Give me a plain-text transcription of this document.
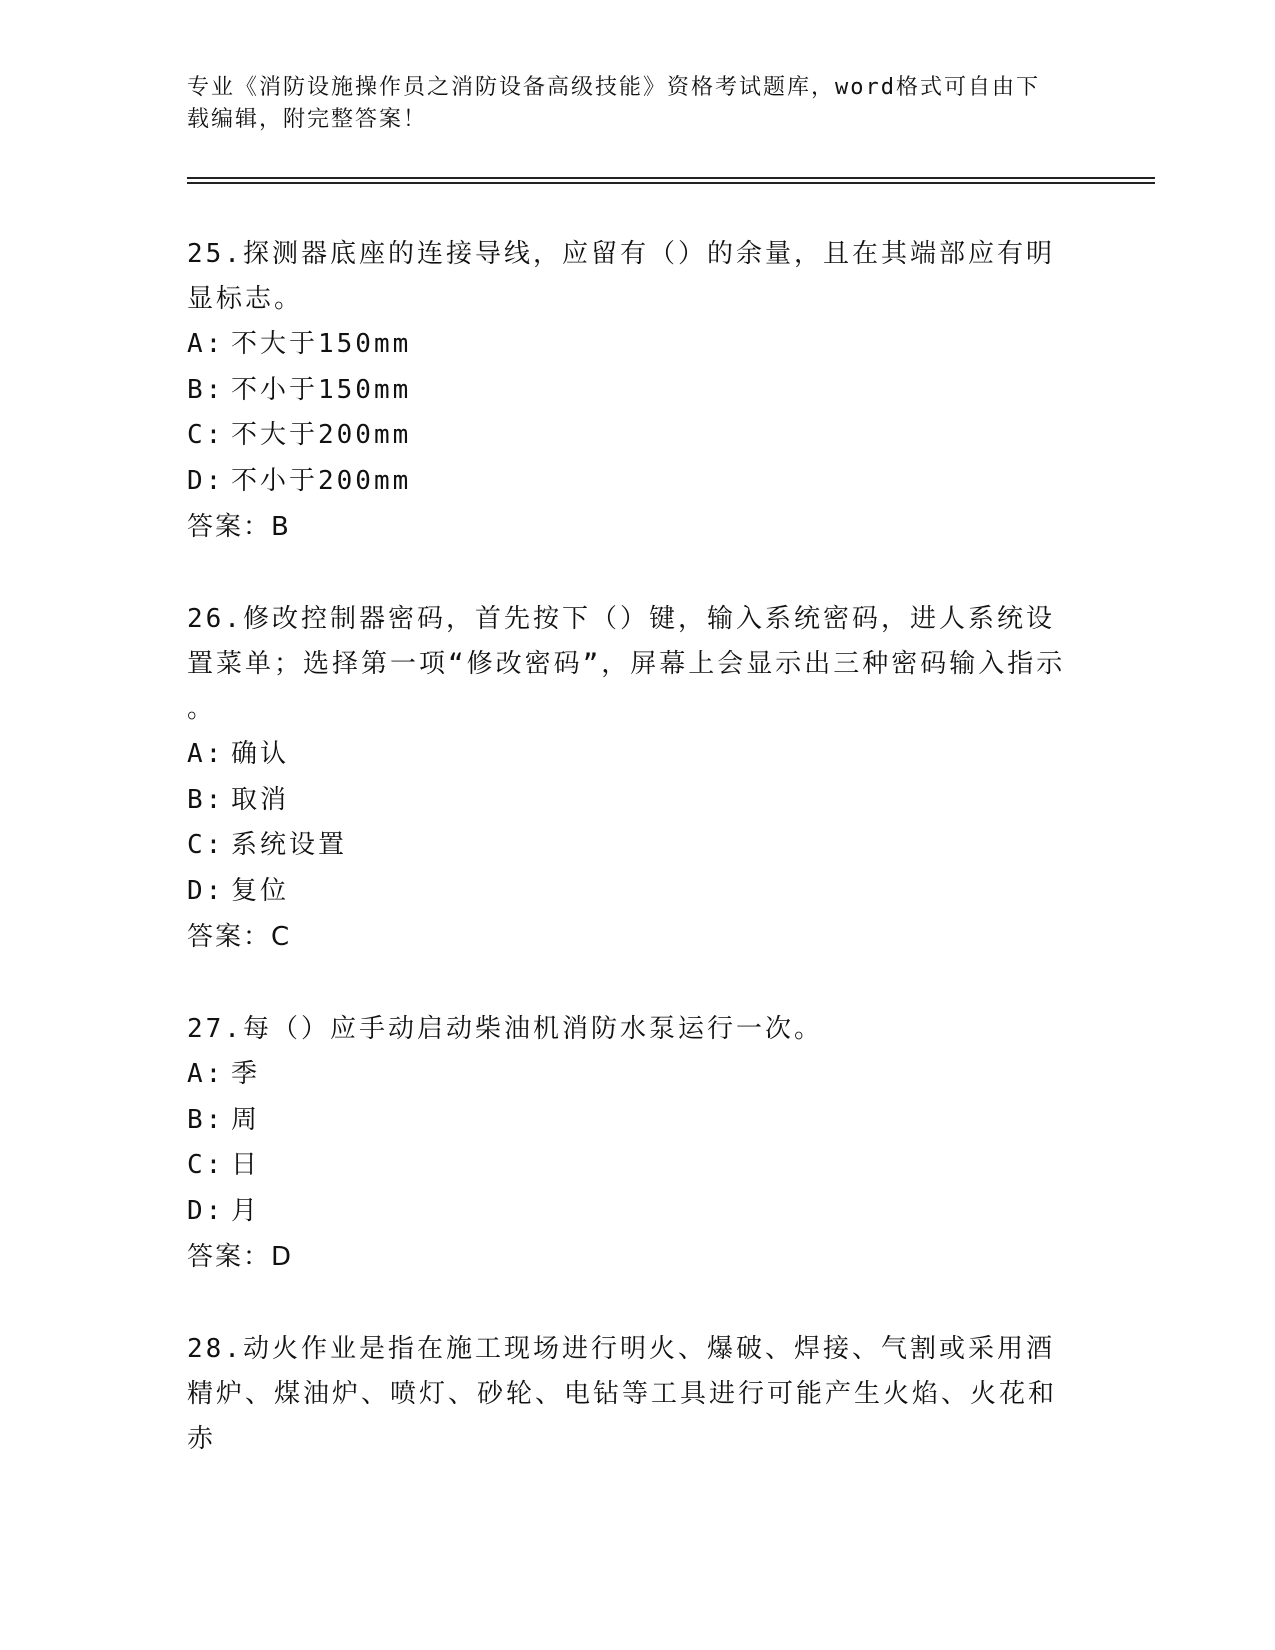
专业《消防设施操作员之消防设备高级技能》资格考试题库，word格式可自由下载编辑，附完整答案！

25.探测器底座的连接导线，应留有（）的余量，且在其端部应有明显标志。

A: 不大于150mm
B: 不小于150mm
C: 不大于200mm
D: 不小于200mm
答案：B

26.修改控制器密码，首先按下（）键，输入系统密码，进人系统设置菜单；选择第一项“修改密码”，屏幕上会显示出三种密码输入指示

。
A: 确认
B: 取消
C: 系统设置
D: 复位
答案：C

27.每（）应手动启动柴油机消防水泵运行一次。

A: 季
B: 周
C: 日
D: 月
答案：D

28.动火作业是指在施工现场进行明火、爆破、焊接、气割或采用酒精炉、煤油炉、喷灯、砂轮、电钻等工具进行可能产生火焰、火花和赤
